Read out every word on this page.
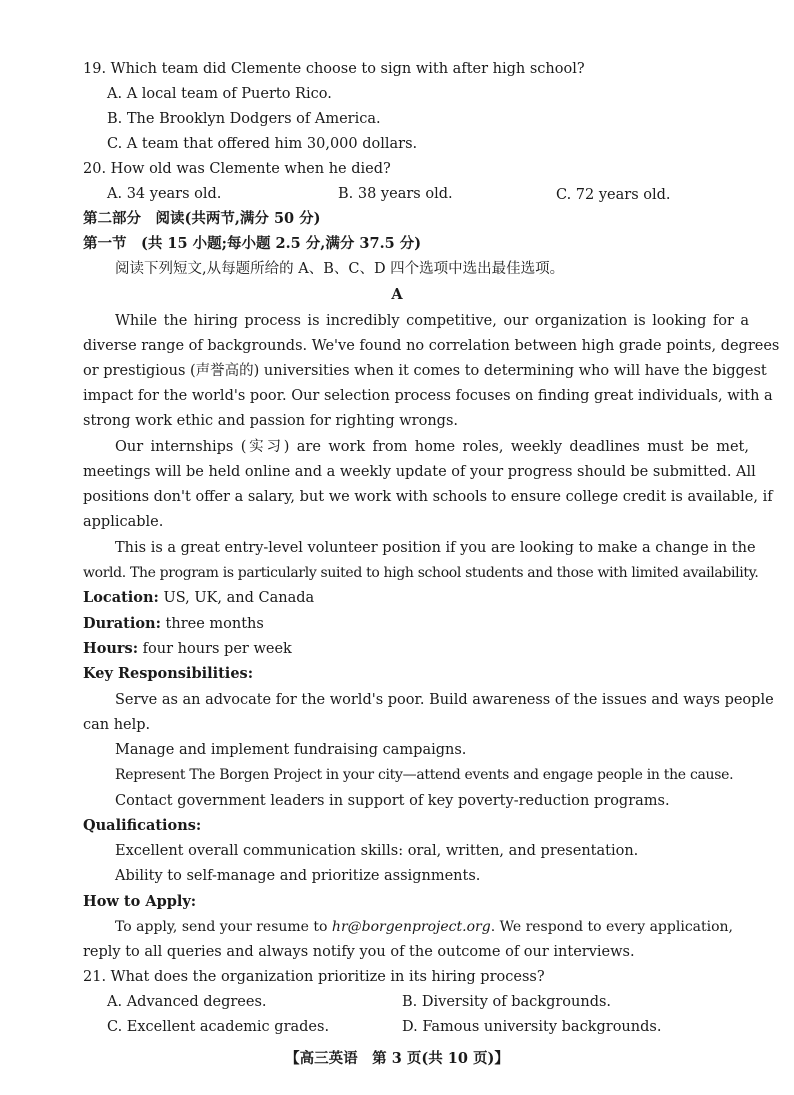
19. Which team did Clemente choose to sign with after high school?
A. A local team of Puerto Rico.
B. The Brooklyn Dodgers of America.
C. A team that offered him 30,000 dollars.
20. How old was Clemente when he died?
A. 34 years old.	B. 38 years old.	C. 72 years old.
第二部分　阅读(共两节,满分 50 分)
第一节　(共 15 小题;每小题 2.5 分,满分 37.5 分)
阅读下列短文,从每题所给的 A、B、C、D 四个选项中选出最佳选项。
A
While the hiring process is incredibly competitive, our organization is looking for a
diverse range of backgrounds. We've found no correlation between high grade points, degrees
or prestigious (声誉高的) universities when it comes to determining who will have the biggest
impact for the world's poor. Our selection process focuses on finding great individuals, with a
strong work ethic and passion for righting wrongs.
Our internships (实习) are work from home roles, weekly deadlines must be met,
meetings will be held online and a weekly update of your progress should be submitted. All
positions don't offer a salary, but we work with schools to ensure college credit is available, if
applicable.
This is a great entry-level volunteer position if you are looking to make a change in the
world. The program is particularly suited to high school students and those with limited availability.
Location: US, UK, and Canada
Duration: three months
Hours: four hours per week
Key Responsibilities:
Serve as an advocate for the world's poor. Build awareness of the issues and ways people
can help.
Manage and implement fundraising campaigns.
Represent The Borgen Project in your city—attend events and engage people in the cause.
Contact government leaders in support of key poverty-reduction programs.
Qualifications:
Excellent overall communication skills: oral, written, and presentation.
Ability to self-manage and prioritize assignments.
How to Apply:
To apply, send your resume to hr@borgenproject.org. We respond to every application,
reply to all queries and always notify you of the outcome of our interviews.
21. What does the organization prioritize in its hiring process?
A. Advanced degrees.	B. Diversity of backgrounds.
C. Excellent academic grades.	D. Famous university backgrounds.
【高三英语　第 3 页(共 10 页)】
